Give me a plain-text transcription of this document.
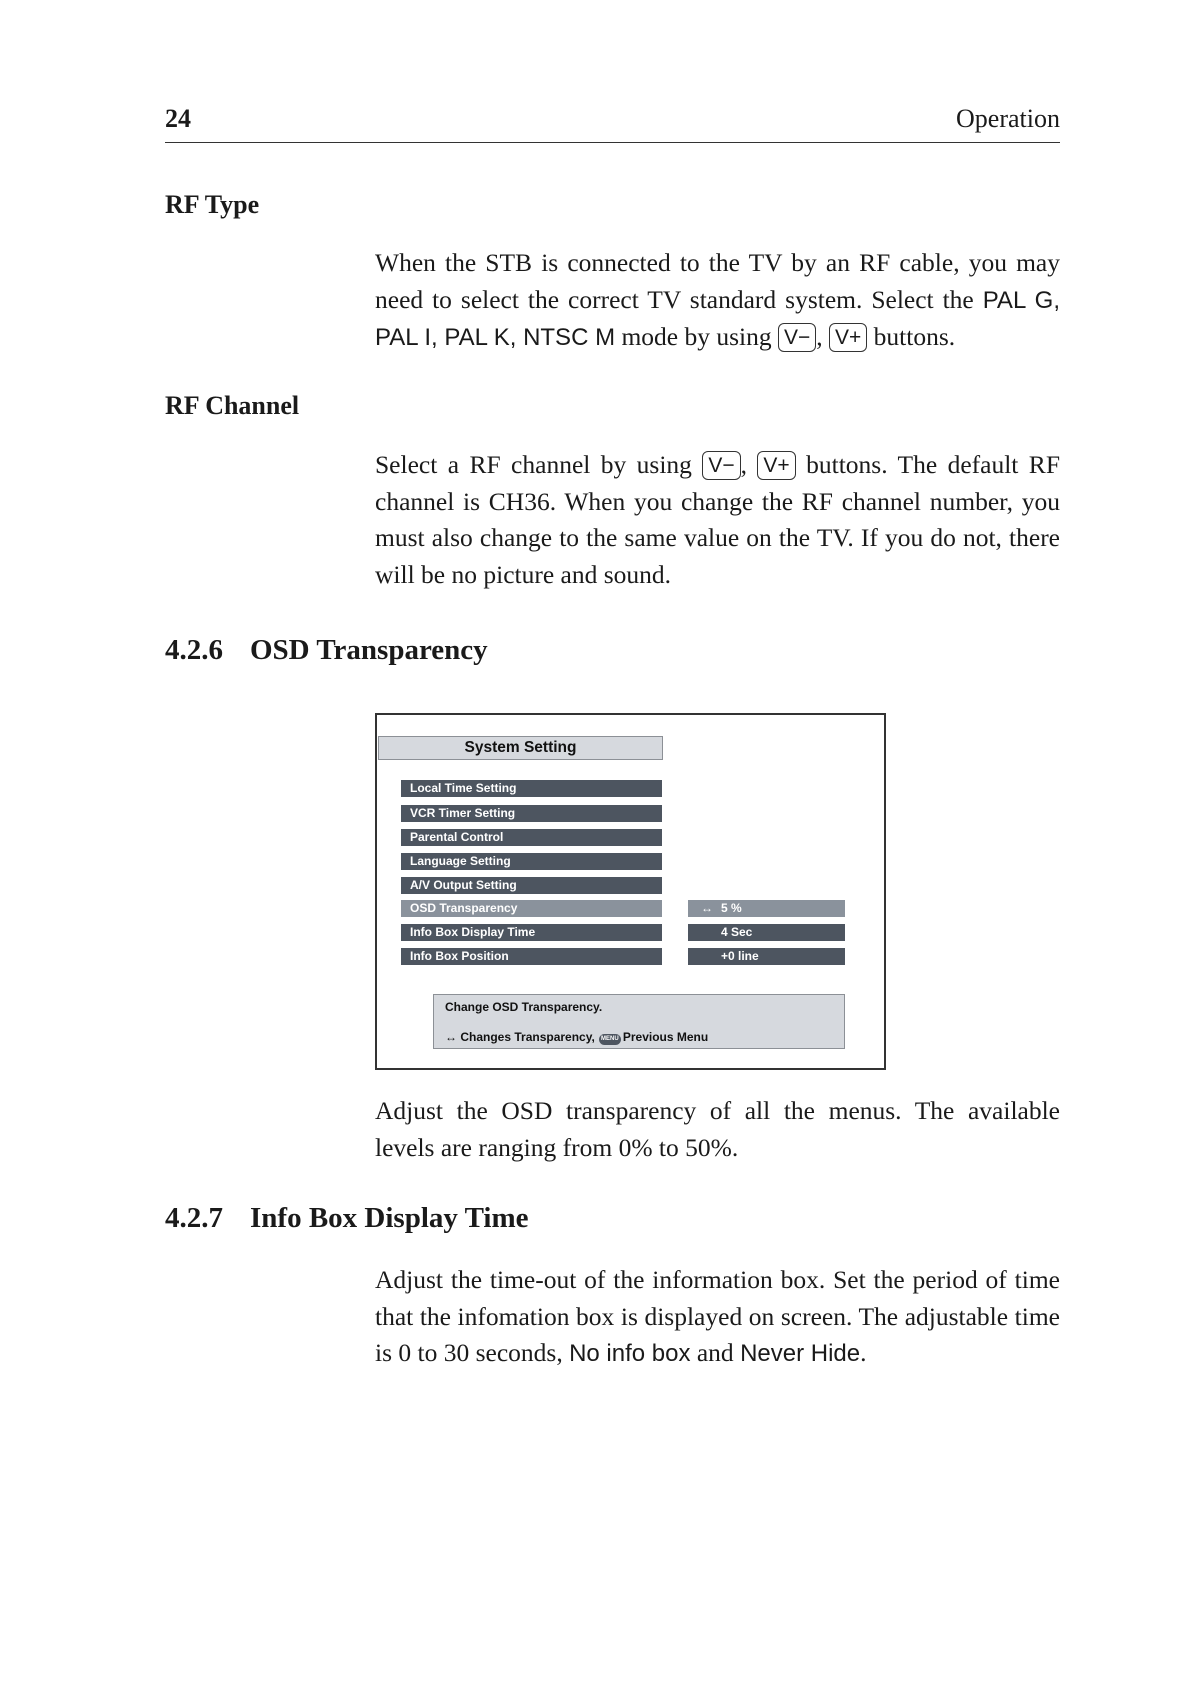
24	Operation
RF Type

When the STB is connected to the TV by an RF cable, you may need to select the correct TV standard system. Select the PAL G, PAL I, PAL K, NTSC M mode by using V− , V+ buttons.

RF Channel

Select a RF channel by using V− , V+ buttons. The default RF channel is CH36. When you change the RF channel number, you must also change to the same value on the TV. If you do not, there will be no picture and sound.

4.2.6 OSD Transparency
System Setting
Local Time Setting
VCR Timer Setting
Parental Control
Language Setting
A/V Output Setting
OSD Transparency
Info Box Display Time
Info Box Position
↔ 5 %
4 Sec
+0 line
Change OSD Transparency.
↔ Changes Transparency, MENU Previous Menu

Adjust the OSD transparency of all the menus. The available levels are ranging from 0% to 50%.

4.2.7 Info Box Display Time

Adjust the time-out of the information box. Set the period of time that the infomation box is displayed on screen. The adjustable time is 0 to 30 seconds, No info box and Never Hide.
